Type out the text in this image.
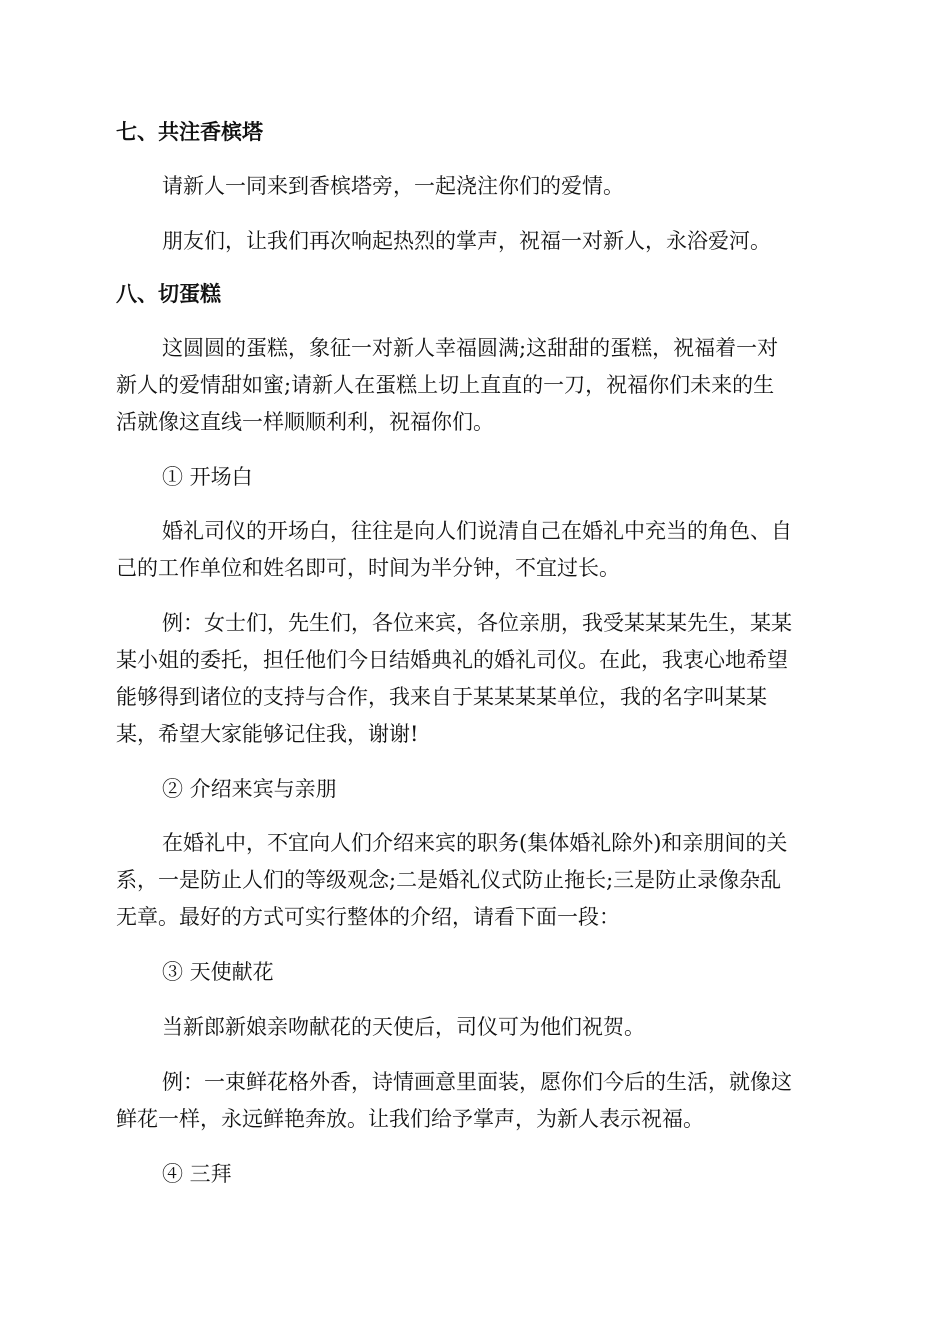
七、共注香槟塔
请新人一同来到香槟塔旁，一起浇注你们的爱情。
朋友们，让我们再次响起热烈的掌声，祝福一对新人，永浴爱河。
八、切蛋糕
这圆圆的蛋糕，象征一对新人幸福圆满;这甜甜的蛋糕，祝福着一对
新人的爱情甜如蜜;请新人在蛋糕上切上直直的一刀，祝福你们未来的生
活就像这直线一样顺顺利利，祝福你们。
① 开场白
婚礼司仪的开场白，往往是向人们说清自己在婚礼中充当的角色、自
己的工作单位和姓名即可，时间为半分钟，不宜过长。
例：女士们，先生们，各位来宾，各位亲朋，我受某某某先生，某某
某小姐的委托，担任他们今日结婚典礼的婚礼司仪。在此，我衷心地希望
能够得到诸位的支持与合作，我来自于某某某某单位，我的名字叫某某
某，希望大家能够记住我，谢谢!
② 介绍来宾与亲朋
在婚礼中，不宜向人们介绍来宾的职务(集体婚礼除外)和亲朋间的关
系，一是防止人们的等级观念;二是婚礼仪式防止拖长;三是防止录像杂乱
无章。最好的方式可实行整体的介绍，请看下面一段：
③ 天使献花
当新郎新娘亲吻献花的天使后，司仪可为他们祝贺。
例：一束鲜花格外香，诗情画意里面装，愿你们今后的生活，就像这
鲜花一样，永远鲜艳奔放。让我们给予掌声，为新人表示祝福。
④ 三拜
